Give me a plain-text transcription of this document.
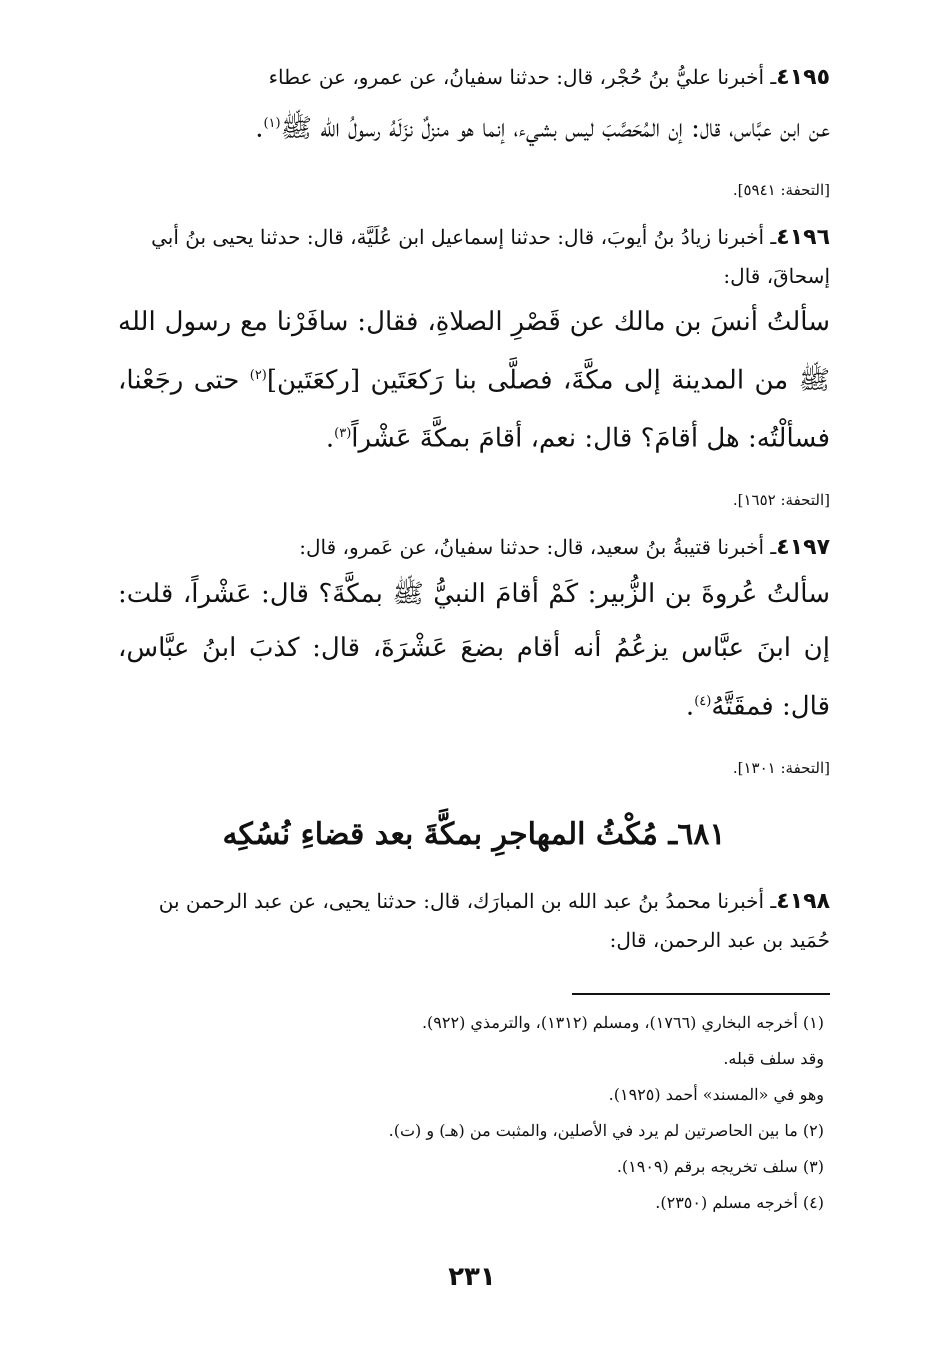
٤١٩٥ـ أخبرنا عليُّ بنُ حُجْر، قال: حدثنا سفيانُ، عن عمرو، عن عطاء

عن ابن عبَّاس، قال: إن المُحَصَّبَ ليس بشيء، إنما هو منزلٌ نزَلَهُ رسولُ الله ﷺ$^{(١)}$.

[التحفة: ٥٩٤١].

٤١٩٦ـ أخبرنا زيادُ بنُ أيوبَ، قال: حدثنا إسماعيل ابن عُلَيَّة، قال: حدثنا يحيى بنُ أبي إسحاقَ، قال:

سألتُ أنسَ بن مالك عن قَصْرِ الصلاةِ، فقال: سافَرْنا مع رسول الله ﷺ من المدينة إلى مكَّةَ، فصلَّى بنا رَكعَتَين [ركعَتَين]$^{(٢)}$ حتى رجَعْنا، فسألْتُه: هل أقامَ؟ قال: نعم، أقامَ بمكَّةَ عَشْراً$^{(٣)}$.

[التحفة: ١٦٥٢].

٤١٩٧ـ أخبرنا قتيبةُ بنُ سعيد، قال: حدثنا سفيانُ، عن عَمرو، قال:

سألتُ عُروةَ بن الزُّبير: كَمْ أقامَ النبيُّ ﷺ بمكَّةَ؟ قال: عَشْراً، قلت: إن ابنَ عبَّاس يزعُمُ أنه أقام بضعَ عَشْرَةَ، قال: كذبَ ابنُ عبَّاس، قال: فمقَتَّهُ$^{(٤)}$.

[التحفة: ١٣٠١].

٦٨١ـ مُكْثُ المهاجرِ بمكَّةَ بعد قضاءِ نُسُكِه

٤١٩٨ـ أخبرنا محمدُ بنُ عبد الله بن المبارَك، قال: حدثنا يحيى، عن عبد الرحمن بن حُمَيد بن عبد الرحمن، قال:

(١) أخرجه البخاري (١٧٦٦)، ومسلم (١٣١٢)، والترمذي (٩٢٢).

وقد سلف قبله.

وهو في «المسند» أحمد (١٩٢٥).

(٢) ما بين الحاصرتين لم يرد في الأصلين، والمثبت من (هـ) و (ت).

(٣) سلف تخريجه برقم (١٩٠٩).

(٤) أخرجه مسلم (٢٣٥٠).

٢٣١
